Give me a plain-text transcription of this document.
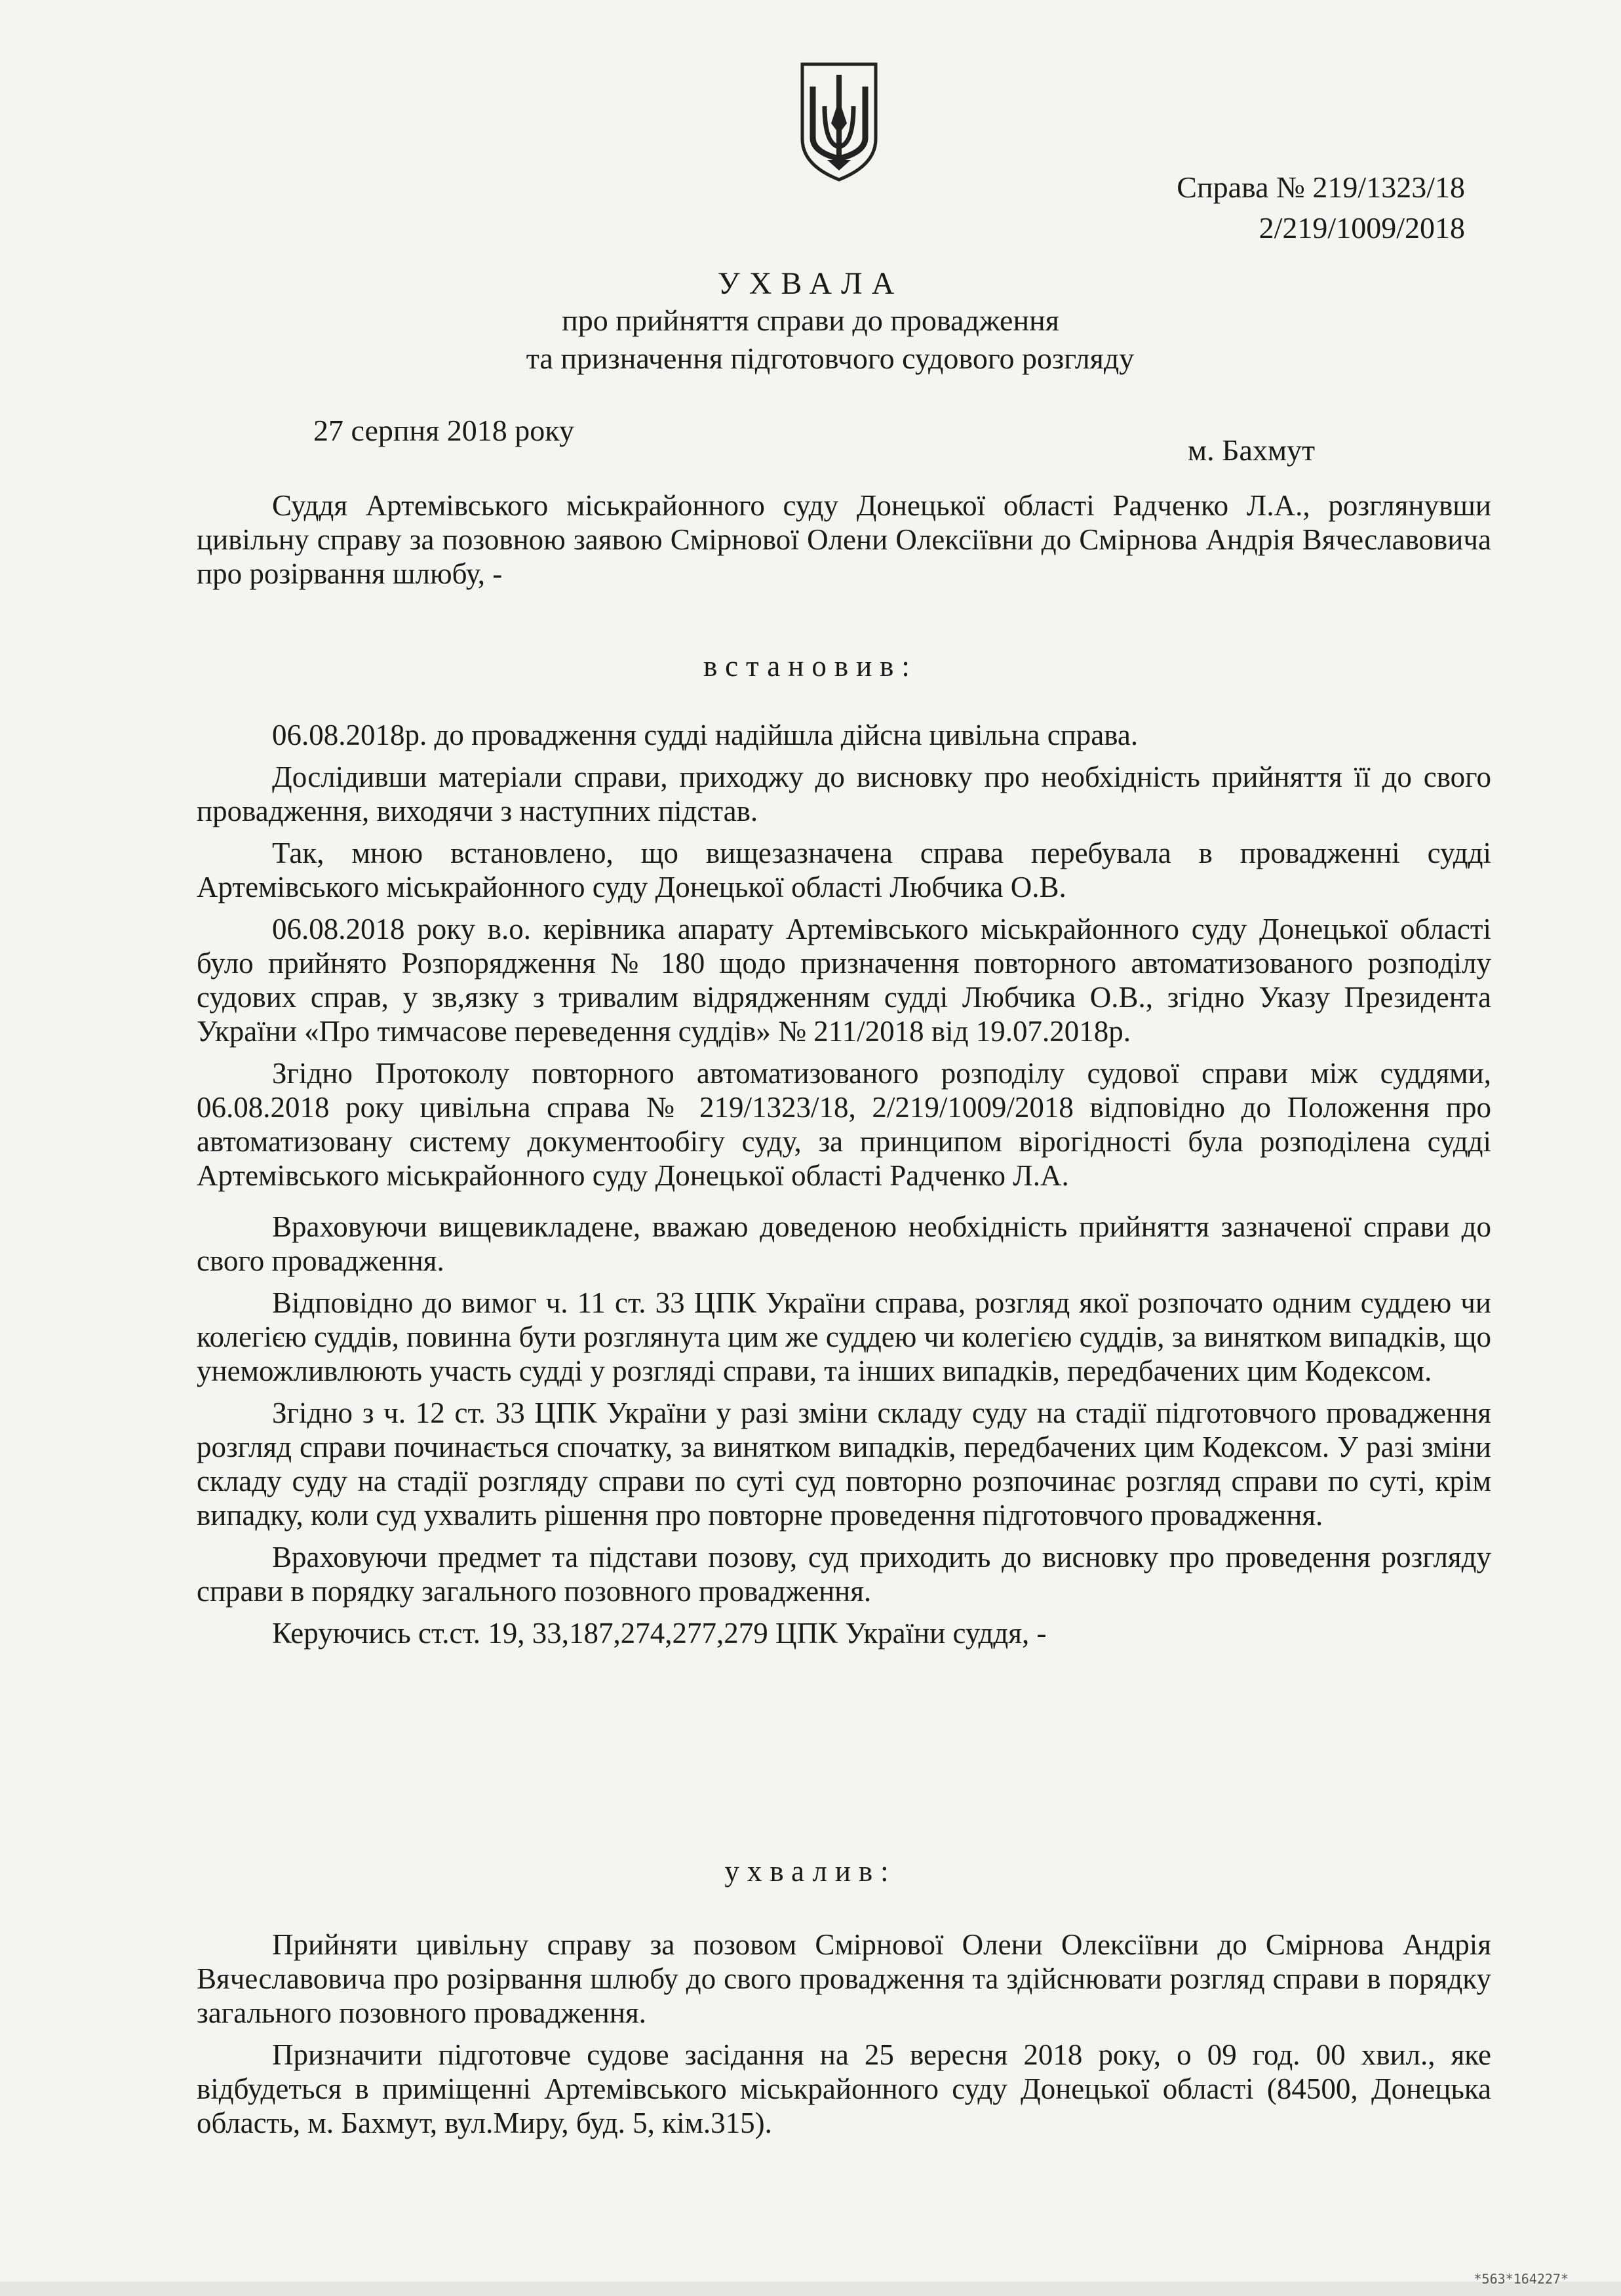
Справа № 219/1323/18
2/219/1009/2018
УХВАЛА
про прийняття справи до провадження
та призначення підготовчого судового розгляду
27 серпня 2018 року
м. Бахмут

Суддя Артемівського міськрайонного суду Донецької області Радченко Л.А., розглянувши цивільну справу за позовною заявою Смірнової Олени Олексіївни до Смірнова Андрія Вячеславовича про розірвання шлюбу, -

встановив:

06.08.2018р. до провадження судді надійшла дійсна цивільна справа.

Дослідивши матеріали справи, приходжу до висновку про необхідність прийняття її до свого провадження, виходячи з наступних підстав.

Так, мною встановлено, що вищезазначена справа перебувала в провадженні судді Артемівського міськрайонного суду Донецької області Любчика О.В.

06.08.2018 року в.о. керівника апарату Артемівського міськрайонного суду Донецької області було прийнято Розпорядження № 180 щодо призначення повторного автоматизованого розподілу судових справ, у зв,язку з тривалим відрядженням судді Любчика О.В., згідно Указу Президента України «Про тимчасове переведення суддів» № 211/2018 від 19.07.2018р.

Згідно Протоколу повторного автоматизованого розподілу судової справи між суддями, 06.08.2018 року цивільна справа № 219/1323/18, 2/219/1009/2018 відповідно до Положення про автоматизовану систему документообігу суду, за принципом вірогідності була розподілена судді Артемівського міськрайонного суду Донецької області Радченко Л.А.

Враховуючи вищевикладене, вважаю доведеною необхідність прийняття зазначеної справи до свого провадження.

Відповідно до вимог ч. 11 ст. 33 ЦПК України справа, розгляд якої розпочато одним суддею чи колегією суддів, повинна бути розглянута цим же суддею чи колегією суддів, за винятком випадків, що унеможливлюють участь судді у розгляді справи, та інших випадків, передбачених цим Кодексом.

Згідно з ч. 12 ст. 33 ЦПК України у разі зміни складу суду на стадії підготовчого провадження розгляд справи починається спочатку, за винятком випадків, передбачених цим Кодексом. У разі зміни складу суду на стадії розгляду справи по суті суд повторно розпочинає розгляд справи по суті, крім випадку, коли суд ухвалить рішення про повторне проведення підготовчого провадження.

Враховуючи предмет та підстави позову, суд приходить до висновку про проведення розгляду справи в порядку загального позовного провадження.

Керуючись ст.ст. 19, 33,187,274,277,279 ЦПК України суддя, -

ухвалив:

Прийняти цивільну справу за позовом Смірнової Олени Олексіївни до Смірнова Андрія Вячеславовича про розірвання шлюбу до свого провадження та здійснювати розгляд справи в порядку загального позовного провадження.

Призначити підготовче судове засідання на 25 вересня 2018 року, о 09 год. 00 хвил., яке відбудеться в приміщенні Артемівського міськрайонного суду Донецької області (84500, Донецька область, м. Бахмут, вул.Миру, буд. 5, кім.315).

*563*164227*
